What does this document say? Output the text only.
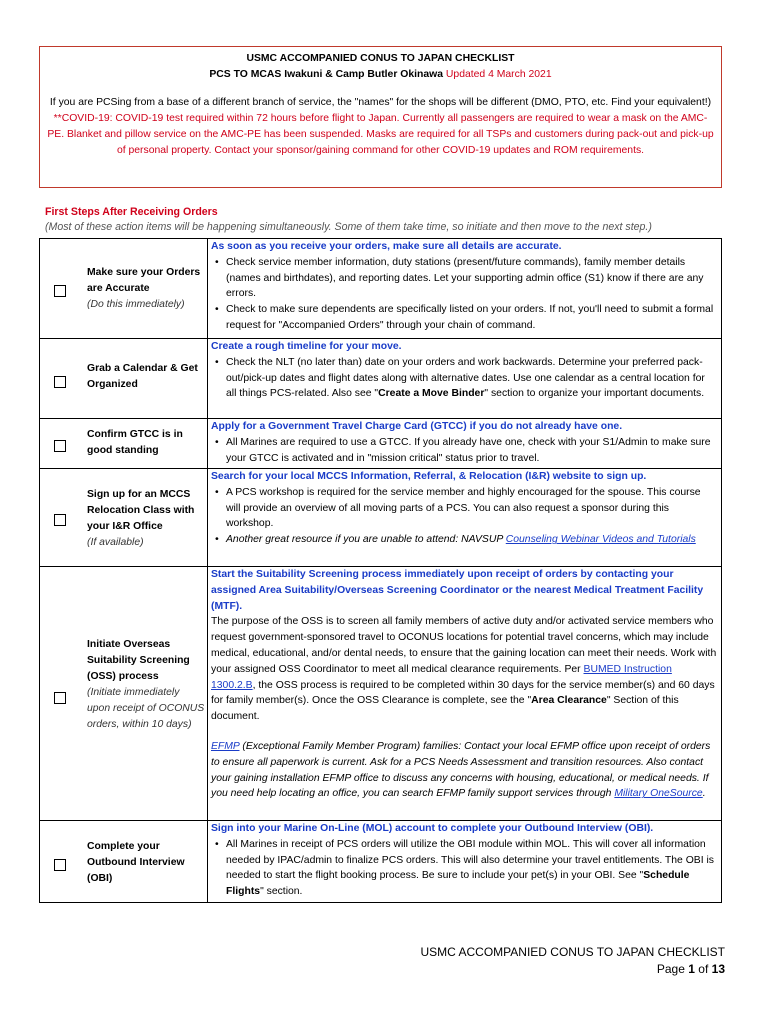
USMC ACCOMPANIED CONUS TO JAPAN CHECKLIST
PCS TO MCAS Iwakuni & Camp Butler Okinawa Updated 4 March 2021
If you are PCSing from a base of a different branch of service, the "names" for the shops will be different (DMO, PTO, etc. Find your equivalent!)
**COVID-19: COVID-19 test required within 72 hours before flight to Japan. Currently all passengers are required to wear a mask on the AMC-PE. Blanket and pillow service on the AMC-PE has been suspended. Masks are required for all TSPs and customers during pack-out and pick-up of personal property. Contact your sponsor/gaining command for other COVID-19 updates and ROM requirements.
First Steps After Receiving Orders
(Most of these action items will be happening simultaneously. Some of them take time, so initiate and then move to the next step.)
Make sure your Orders are Accurate
(Do this immediately)
As soon as you receive your orders, make sure all details are accurate.
• Check service member information, duty stations (present/future commands), family member details (names and birthdates), and reporting dates. Let your supporting admin office (S1) know if there are any errors.
• Check to make sure dependents are specifically listed on your orders. If not, you'll need to submit a formal request for "Accompanied Orders" through your chain of command.
Grab a Calendar & Get Organized
Create a rough timeline for your move.
• Check the NLT (no later than) date on your orders and work backwards. Determine your preferred pack-out/pick-up dates and flight dates along with alternative dates. Use one calendar as a central location for all things PCS-related. Also see "Create a Move Binder" section to organize your important documents.
Confirm GTCC is in good standing
Apply for a Government Travel Charge Card (GTCC) if you do not already have one.
• All Marines are required to use a GTCC. If you already have one, check with your S1/Admin to make sure your GTCC is activated and in "mission critical" status prior to travel.
Sign up for an MCCS Relocation Class with your I&R Office
(If available)
Search for your local MCCS Information, Referral, & Relocation (I&R) website to sign up.
• A PCS workshop is required for the service member and highly encouraged for the spouse. This course will provide an overview of all moving parts of a PCS. You can also request a sponsor during this workshop.
• Another great resource if you are unable to attend: NAVSUP Counseling Webinar Videos and Tutorials
Initiate Overseas Suitability Screening (OSS) process
(Initiate immediately upon receipt of OCONUS orders, within 10 days)
Start the Suitability Screening process immediately upon receipt of orders by contacting your assigned Area Suitability/Overseas Screening Coordinator or the nearest Medical Treatment Facility (MTF).

The purpose of the OSS is to screen all family members of active duty and/or activated service members who request government-sponsored travel to OCONUS locations for potential travel concerns, which may include medical, educational, and/or dental needs, to ensure that the gaining location can meet their needs. Work with your assigned OSS Coordinator to meet all medical clearance requirements. Per BUMED Instruction 1300.2.B, the OSS process is required to be completed within 30 days for the service member(s) and 60 days for family member(s). Once the OSS Clearance is complete, see the "Area Clearance" Section of this document.

EFMP (Exceptional Family Member Program) families: Contact your local EFMP office upon receipt of orders to ensure all paperwork is current. Ask for a PCS Needs Assessment and transition resources. Also contact your gaining installation EFMP office to discuss any concerns with housing, educational, or medical needs. If you need help locating an office, you can search EFMP family support services through Military OneSource.

Complete your Outbound Interview (OBI)
Sign into your Marine On-Line (MOL) account to complete your Outbound Interview (OBI).
• All Marines in receipt of PCS orders will utilize the OBI module within MOL. This will cover all information needed by IPAC/admin to finalize PCS orders. This will also determine your travel entitlements. The OBI is needed to start the flight booking process. Be sure to include your pet(s) in your OBI. See "Schedule Flights" section.
USMC ACCOMPANIED CONUS TO JAPAN CHECKLIST
Page 1 of 13
